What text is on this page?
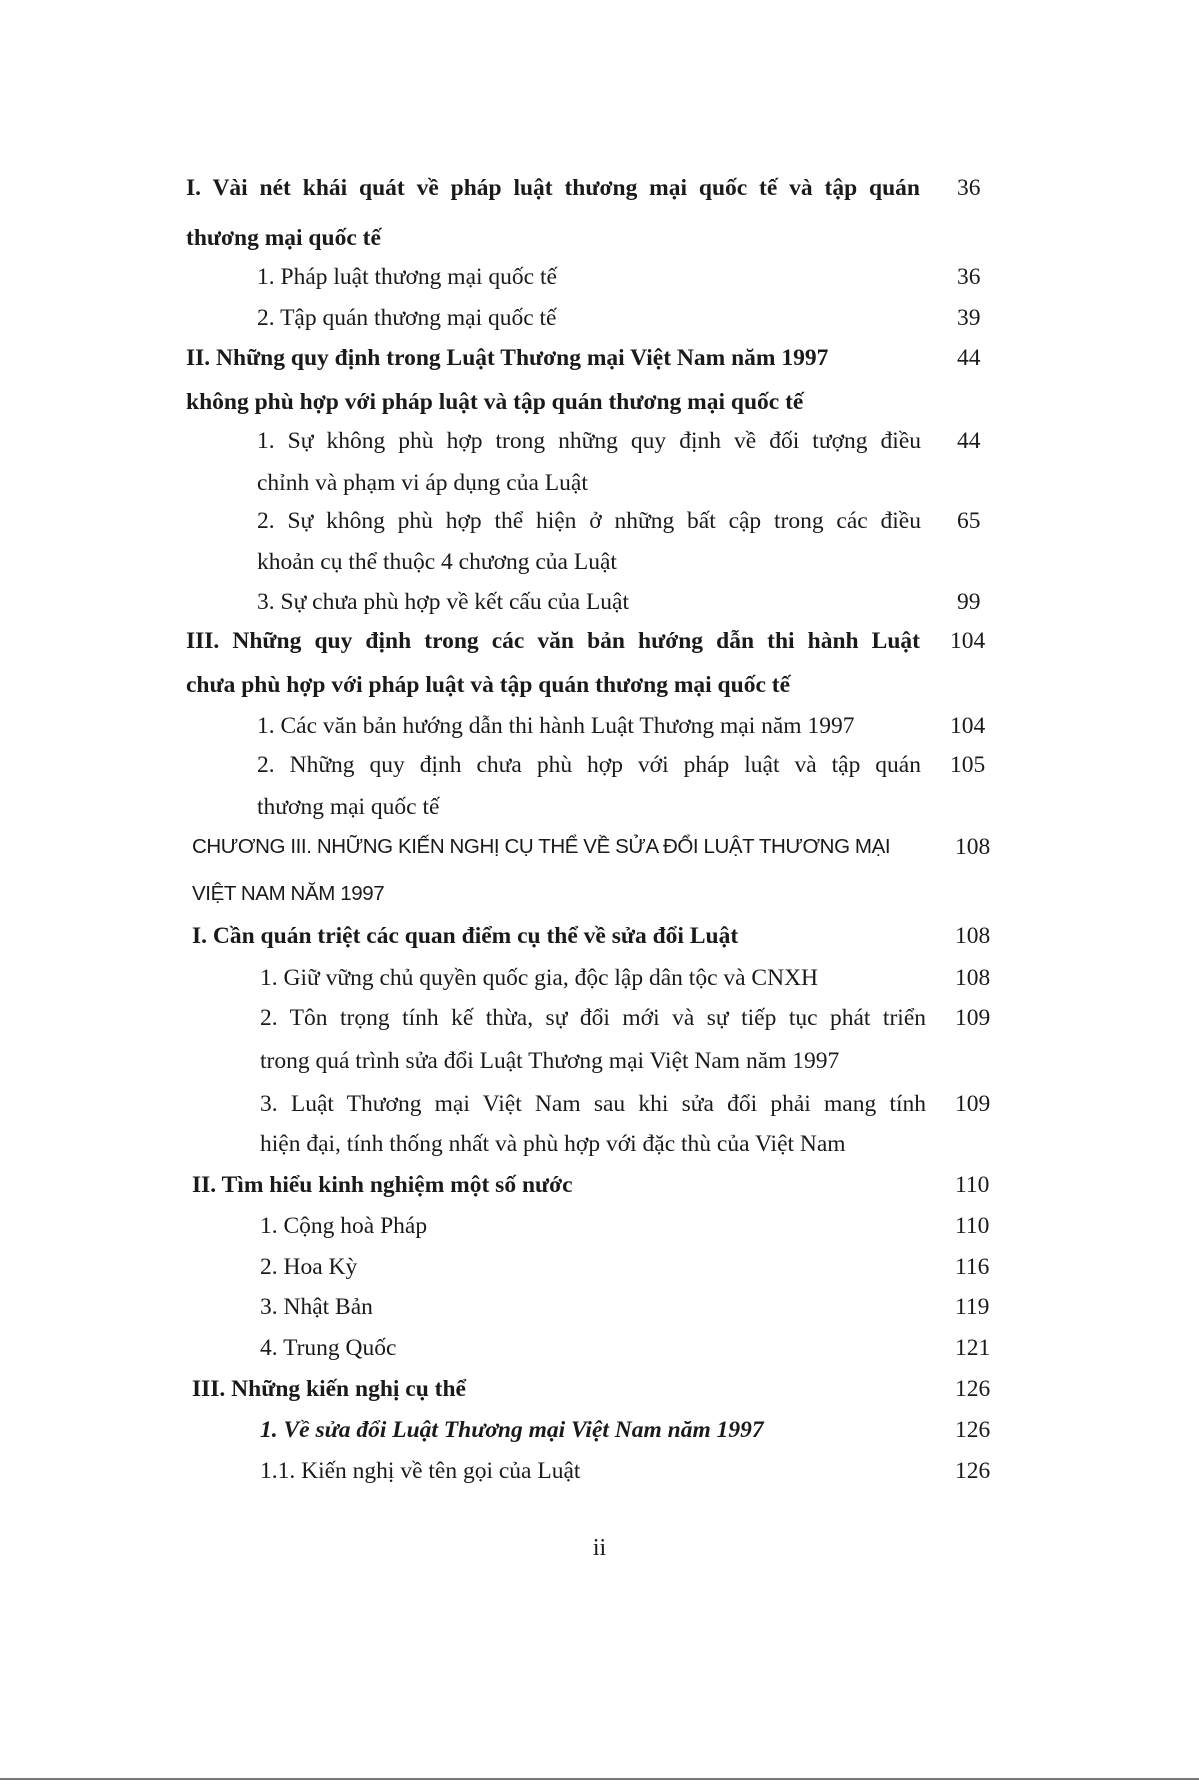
I. Vài nét khái quát về pháp luật thương mại quốc tế và tập quán 36
thương mại quốc tế
1. Pháp luật thương mại quốc tế	36
2. Tập quán thương mại quốc tế	39
II. Những quy định trong Luật Thương mại Việt Nam năm 1997	44
không phù hợp với pháp luật và tập quán thương mại quốc tế
1. Sự không phù hợp trong những quy định về đối tượng điều 44
chỉnh và phạm vi áp dụng của Luật
2. Sự không phù hợp thể hiện ở những bất cập trong các điều 65
khoản cụ thể thuộc 4 chương của Luật
3. Sự chưa phù hợp về kết cấu của Luật	99
III. Những quy định trong các văn bản hướng dẫn thi hành Luật 104
chưa phù hợp với pháp luật và tập quán thương mại quốc tế
1. Các văn bản hướng dẫn thi hành Luật Thương mại năm 1997	104
2. Những quy định chưa phù hợp với pháp luật và tập quán 105
thương mại quốc tế
CHƯƠNG III. NHỮNG KIẾN NGHỊ CỤ THỂ VỀ SỬA ĐỔI LUẬT THƯƠNG MẠI	108
VIỆT NAM NĂM 1997
I. Cần quán triệt các quan điểm cụ thể về sửa đổi Luật	108
1. Giữ vững chủ quyền quốc gia, độc lập dân tộc và CNXH	108
2. Tôn trọng tính kế thừa, sự đổi mới và sự tiếp tục phát triển 109
trong quá trình sửa đổi Luật Thương mại Việt Nam năm 1997
3. Luật Thương mại Việt Nam sau khi sửa đổi phải mang tính 109
hiện đại, tính thống nhất và phù hợp với đặc thù của Việt Nam
II. Tìm hiểu kinh nghiệm một số nước	110
1. Cộng hoà Pháp	110
2. Hoa Kỳ	116
3. Nhật Bản	119
4. Trung Quốc	121
III. Những kiến nghị cụ thể	126
1. Về sửa đổi Luật Thương mại Việt Nam năm 1997	126
1.1. Kiến nghị về tên gọi của Luật	126
ii
